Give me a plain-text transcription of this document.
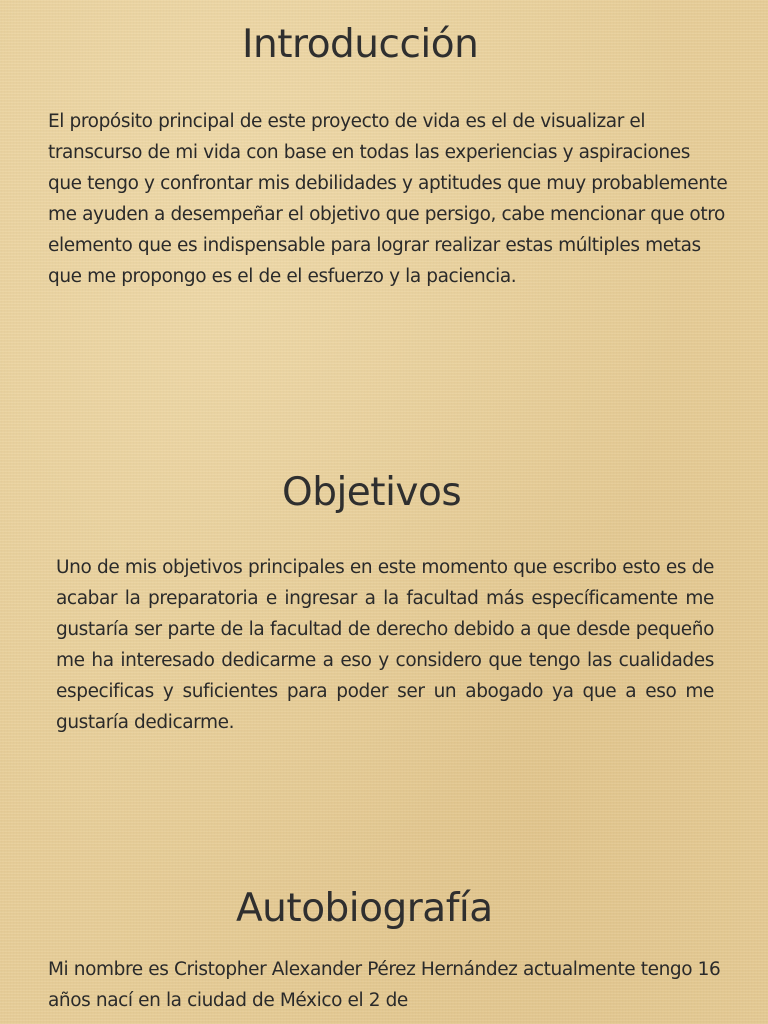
Introducción

El propósito principal de este proyecto de vida es el de visualizar el transcurso de mi vida con base en todas las experiencias y aspiraciones que tengo y confrontar mis debilidades y aptitudes que muy probablemente me ayuden a desempeñar el objetivo que persigo, cabe mencionar que otro elemento que es indispensable para lograr realizar estas múltiples metas que me propongo es el de el esfuerzo y la paciencia.

Objetivos

Uno de mis objetivos principales en este momento que escribo esto es de acabar la preparatoria e ingresar a la facultad más específicamente me gustaría ser parte de la facultad de derecho debido a que desde pequeño me ha interesado dedicarme a eso y considero que tengo las cualidades especificas y suficientes para poder ser un abogado ya que a eso me gustaría dedicarme.

Autobiografía

Mi nombre es Cristopher Alexander Pérez Hernández actualmente tengo 16 años nací en la ciudad de México el 2 de
